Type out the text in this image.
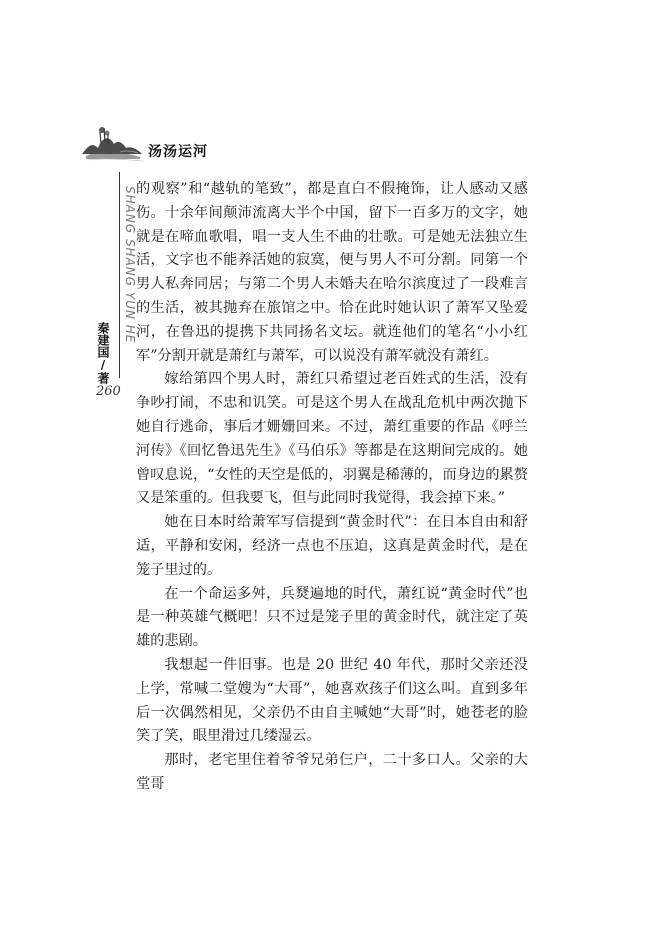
汤汤运河
SHANG SHANG YUN HE
秦建国/著
260

的观察”和“越轨的笔致”，都是直白不假掩饰，让人感动又感伤。十余年间颠沛流离大半个中国，留下一百多万的文字，她就是在啼血歌唱，唱一支人生不曲的壮歌。可是她无法独立生活，文字也不能养活她的寂寞，便与男人不可分割。同第一个男人私奔同居；与第二个男人未婚夫在哈尔滨度过了一段难言的生活，被其抛弃在旅馆之中。恰在此时她认识了萧军又坠爱河，在鲁迅的提携下共同扬名文坛。就连他们的笔名“小小红军”分割开就是萧红与萧军，可以说没有萧军就没有萧红。

嫁给第四个男人时，萧红只希望过老百姓式的生活，没有争吵打闹，不忠和讥笑。可是这个男人在战乱危机中两次抛下她自行逃命，事后才姗姗回来。不过，萧红重要的作品《呼兰河传》《回忆鲁迅先生》《马伯乐》等都是在这期间完成的。她曾叹息说，“女性的天空是低的，羽翼是稀薄的，而身边的累赘又是笨重的。但我要飞，但与此同时我觉得，我会掉下来。”

她在日本时给萧军写信提到“黄金时代”：在日本自由和舒适，平静和安闲，经济一点也不压迫，这真是黄金时代，是在笼子里过的。

在一个命运多舛，兵燹遍地的时代，萧红说“黄金时代”也是一种英雄气概吧！只不过是笼子里的黄金时代，就注定了英雄的悲剧。

我想起一件旧事。也是 20 世纪 40 年代，那时父亲还没上学，常喊二堂嫂为“大哥”，她喜欢孩子们这么叫。直到多年后一次偶然相见，父亲仍不由自主喊她“大哥”时，她苍老的脸笑了笑，眼里滑过几缕湿云。

那时，老宅里住着爷爷兄弟仨户，二十多口人。父亲的大堂哥
